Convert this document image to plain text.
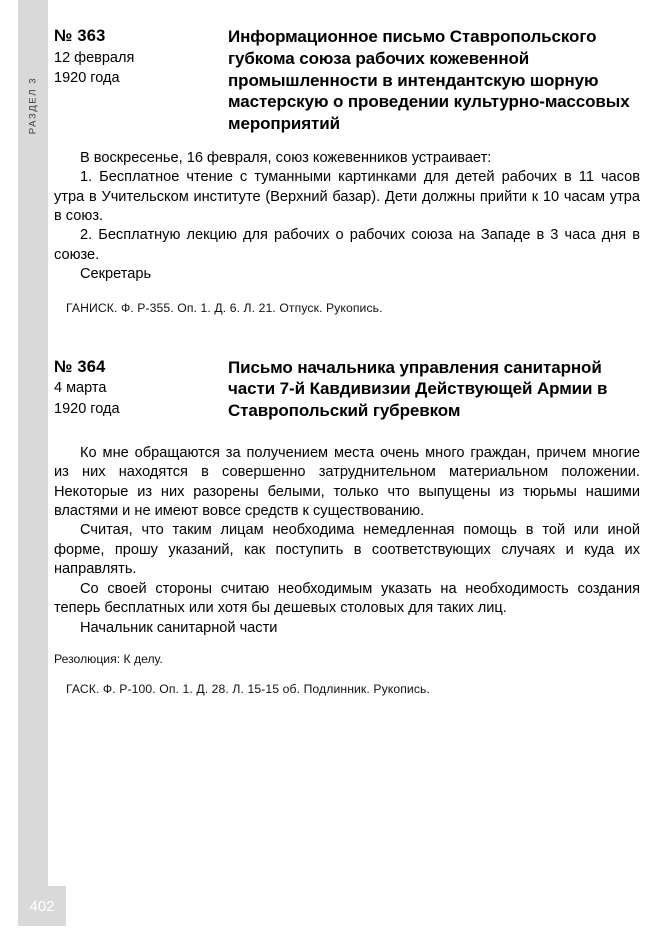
РАЗДЕЛ 3
402
№ 363
12 февраля
1920 года
Информационное письмо Ставропольского губкома союза рабочих кожевенной промышленности в интендантскую шорную мастерскую о проведении культурно-массовых мероприятий

В воскресенье, 16 февраля, союз кожевенников устраивает:

1. Бесплатное чтение с туманными картинками для детей рабочих в 11 часов утра в Учительском институте (Верхний базар). Дети должны прийти к 10 часам утра в союз.

2. Бесплатную лекцию для рабочих о рабочих союза на Западе в 3 часа дня в союзе.

Секретарь

ГАНИСК. Ф. Р-355. Оп. 1. Д. 6. Л. 21. Отпуск. Рукопись.
№ 364
4 марта
1920 года
Письмо начальника управления санитарной части 7-й Кавдивизии Действующей Армии в Ставропольский губревком

Ко мне обращаются за получением места очень много граждан, причем многие из них находятся в совершенно затруднительном материальном положении. Некоторые из них разорены белыми, только что выпущены из тюрьмы нашими властями и не имеют вовсе средств к существованию.

Считая, что таким лицам необходима немедленная помощь в той или иной форме, прошу указаний, как поступить в соответствующих случаях и куда их направлять.

Со своей стороны считаю необходимым указать на необходимость создания теперь бесплатных или хотя бы дешевых столовых для таких лиц.

Начальник санитарной части

Резолюция: К делу.
ГАСК. Ф. Р-100. Оп. 1. Д. 28. Л. 15-15 об. Подлинник. Рукопись.
